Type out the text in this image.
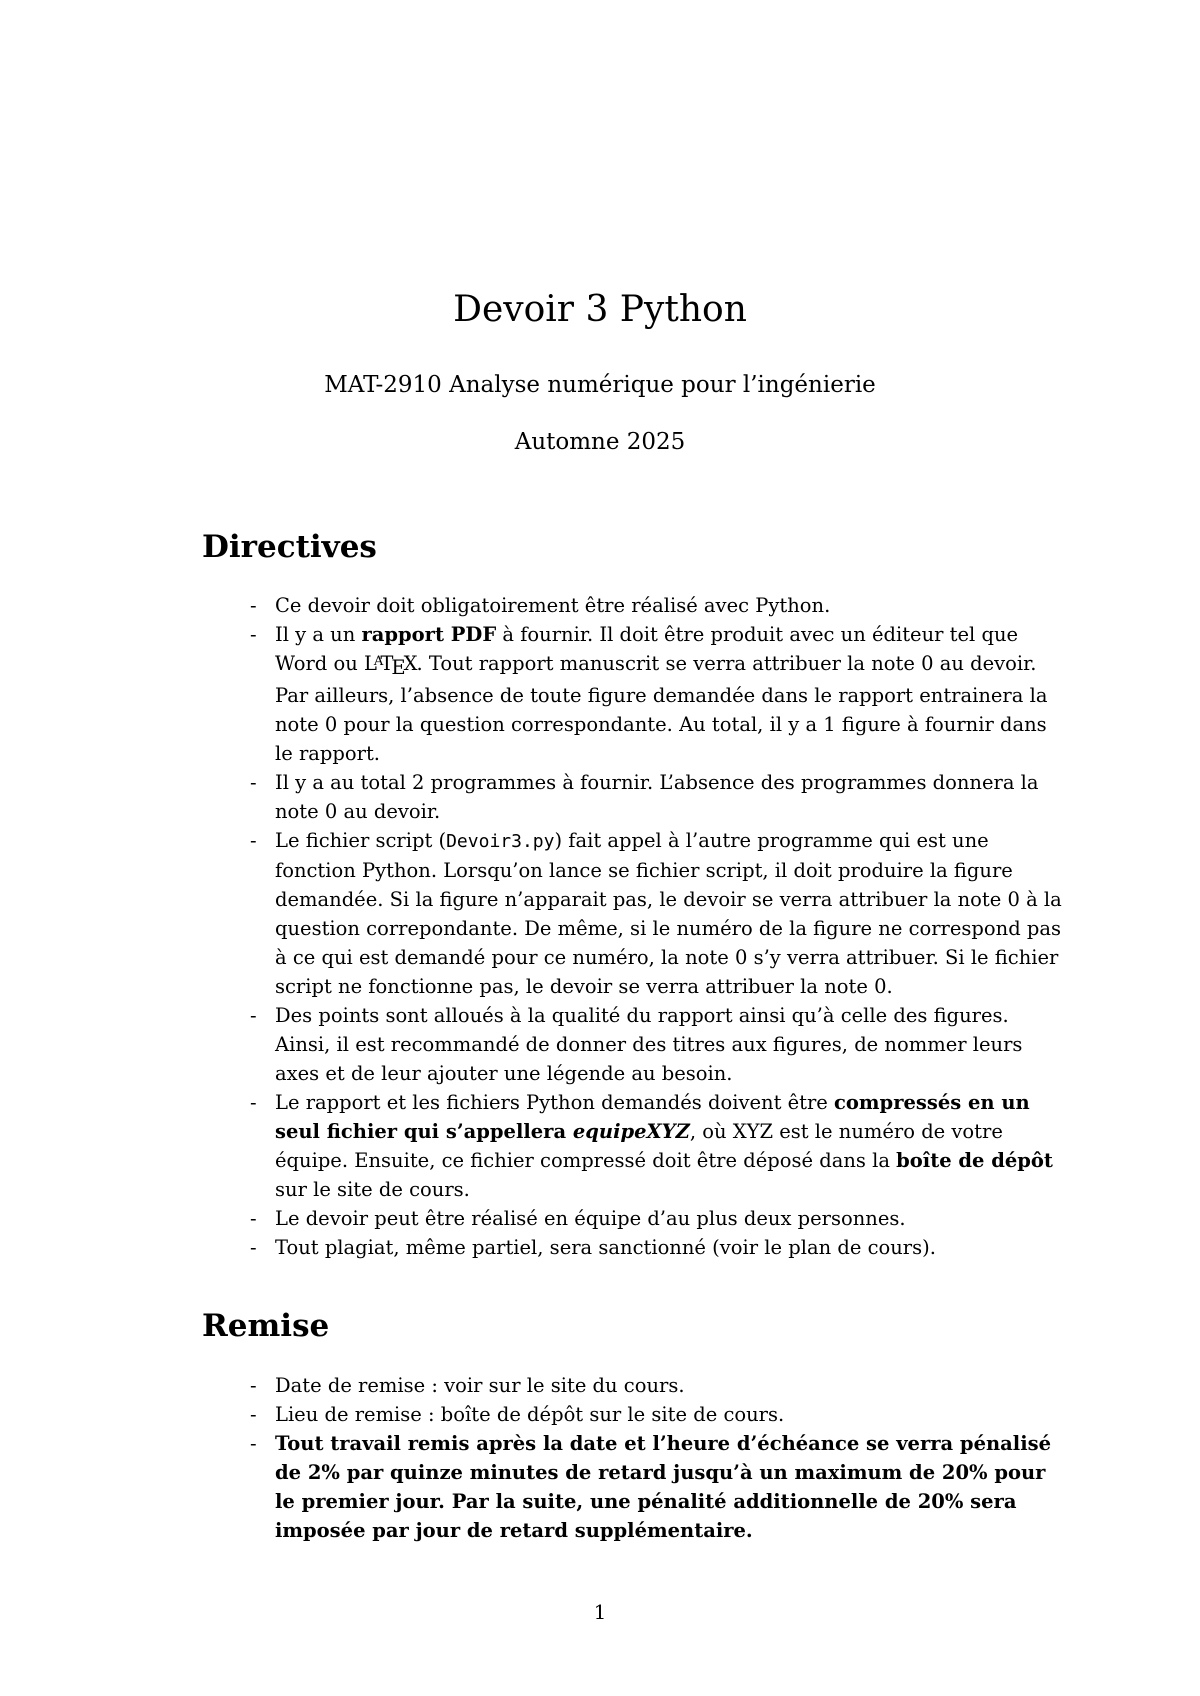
Devoir 3 Python
MAT-2910 Analyse numérique pour l’ingénierie
Automne 2025
Directives
- Ce devoir doit obligatoirement être réalisé avec Python.
- Il y a un rapport PDF à fournir. Il doit être produit avec un éditeur tel que Word ou $L^ATEX$. Tout rapport manuscrit se verra attribuer la note 0 au devoir. Par ailleurs, l’absence de toute figure demandée dans le rapport entrainera la note 0 pour la question correspondante. Au total, il y a 1 figure à fournir dans le rapport.
- Il y a au total 2 programmes à fournir. L’absence des programmes donnera la note 0 au devoir.
- Le fichier script (Devoir3.py) fait appel à l’autre programme qui est une fonction Python. Lorsqu’on lance se fichier script, il doit produire la figure demandée. Si la figure n’apparait pas, le devoir se verra attribuer la note 0 à la question correpondante. De même, si le numéro de la figure ne correspond pas à ce qui est demandé pour ce numéro, la note 0 s’y verra attribuer. Si le fichier script ne fonctionne pas, le devoir se verra attribuer la note 0.
- Des points sont alloués à la qualité du rapport ainsi qu’à celle des figures. Ainsi, il est recommandé de donner des titres aux figures, de nommer leurs axes et de leur ajouter une légende au besoin.
- Le rapport et les fichiers Python demandés doivent être compressés en un seul fichier qui s’appellera equipeXYZ, où XYZ est le numéro de votre équipe. Ensuite, ce fichier compressé doit être déposé dans la boîte de dépôt sur le site de cours.
- Le devoir peut être réalisé en équipe d’au plus deux personnes.
- Tout plagiat, même partiel, sera sanctionné (voir le plan de cours).
Remise
- Date de remise : voir sur le site du cours.
- Lieu de remise : boîte de dépôt sur le site de cours.
- Tout travail remis après la date et l’heure d’échéance se verra pénalisé de 2% par quinze minutes de retard jusqu’à un maximum de 20% pour le premier jour. Par la suite, une pénalité additionnelle de 20% sera imposée par jour de retard supplémentaire.
1
